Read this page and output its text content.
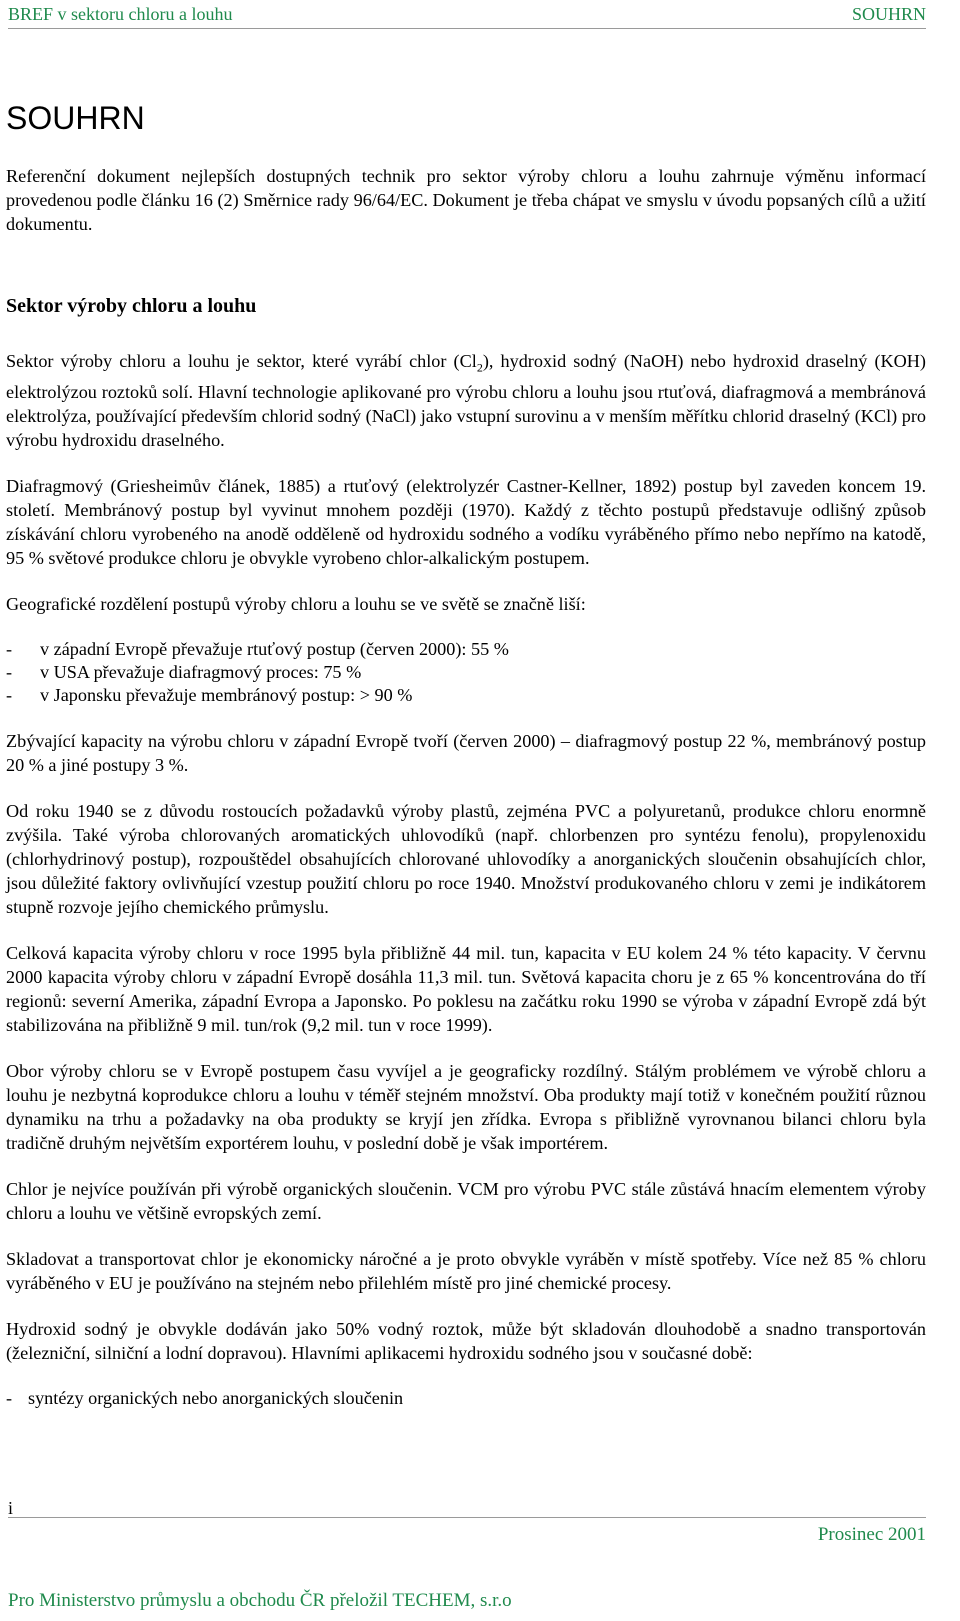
BREF v sektoru chloru a louhu	SOUHRN
SOUHRN

Referenční dokument nejlepších dostupných technik pro sektor výroby chloru a louhu zahrnuje výměnu informací provedenou podle článku 16 (2) Směrnice rady 96/64/EC. Dokument je třeba chápat ve smyslu v úvodu popsaných cílů a užití dokumentu.

Sektor výroby chloru a louhu

Sektor výroby chloru a louhu je sektor, které vyrábí chlor $(Cl_2)$, hydroxid sodný (NaOH) nebo hydroxid draselný (KOH) elektrolýzou roztoků solí. Hlavní technologie aplikované pro výrobu chloru a louhu jsou rtuťová, diafragmová a membránová elektrolýza, používající především chlorid sodný (NaCl) jako vstupní surovinu a v menším měřítku chlorid draselný (KCl) pro výrobu hydroxidu draselného.

Diafragmový (Griesheimův článek, 1885) a rtuťový (elektrolyzér Castner-Kellner, 1892) postup byl zaveden koncem 19. století. Membránový postup byl vyvinut mnohem později (1970). Každý z těchto postupů představuje odlišný způsob získávání chloru vyrobeného na anodě odděleně od hydroxidu sodného a vodíku vyráběného přímo nebo nepřímo na katodě, 95 % světové produkce chloru je obvykle vyrobeno chlor-alkalickým postupem.

Geografické rozdělení postupů výroby chloru a louhu se ve světě se značně liší:

- v západní Evropě převažuje rtuťový postup (červen 2000): 55 %
- v USA převažuje diafragmový proces: 75 %
- v Japonsku převažuje membránový postup: > 90 %

Zbývající kapacity na výrobu chloru v západní Evropě tvoří (červen 2000) – diafragmový postup 22 %, membránový postup 20 % a jiné postupy 3 %.

Od roku 1940 se z důvodu rostoucích požadavků výroby plastů, zejména PVC a polyuretanů, produkce chloru enormně zvýšila. Také výroba chlorovaných aromatických uhlovodíků (např. chlorbenzen pro syntézu fenolu), propylenoxidu (chlorhydrinový postup), rozpouštědel obsahujících chlorované uhlovodíky a anorganických sloučenin obsahujících chlor, jsou důležité faktory ovlivňující vzestup použití chloru po roce 1940. Množství produkovaného chloru v zemi je indikátorem stupně rozvoje jejího chemického průmyslu.

Celková kapacita výroby chloru v roce 1995 byla přibližně 44 mil. tun, kapacita v EU kolem 24 % této kapacity. V červnu 2000 kapacita výroby chloru v západní Evropě dosáhla 11,3 mil. tun. Světová kapacita choru je z 65 % koncentrována do tří regionů: severní Amerika, západní Evropa a Japonsko. Po poklesu na začátku roku 1990 se výroba v západní Evropě zdá být stabilizována na přibližně 9 mil. tun/rok (9,2 mil. tun v roce 1999).

Obor výroby chloru se v Evropě postupem času vyvíjel a je geograficky rozdílný. Stálým problémem ve výrobě chloru a louhu je nezbytná koprodukce chloru a louhu v téměř stejném množství. Oba produkty mají totiž v konečném použití různou dynamiku na trhu a požadavky na oba produkty se kryjí jen zřídka. Evropa s přibližně vyrovnanou bilanci chloru byla tradičně druhým největším exportérem louhu, v poslední době je však importérem.

Chlor je nejvíce používán při výrobě organických sloučenin. VCM pro výrobu PVC stále zůstává hnacím elementem výroby chloru a louhu ve většině evropských zemí.

Skladovat a transportovat chlor je ekonomicky náročné a je proto obvykle vyráběn v místě spotřeby. Více než 85 % chloru vyráběného v EU je používáno na stejném nebo přilehlém místě pro jiné chemické procesy.

Hydroxid sodný je obvykle dodáván jako 50% vodný roztok, může být skladován dlouhodobě a snadno transportován (železniční, silniční a lodní dopravou). Hlavními aplikacemi hydroxidu sodného jsou v současné době:

- syntézy organických nebo anorganických sloučenin
i
Prosinec 2001
Pro Ministerstvo průmyslu a obchodu ČR přeložil TECHEM, s.r.o
